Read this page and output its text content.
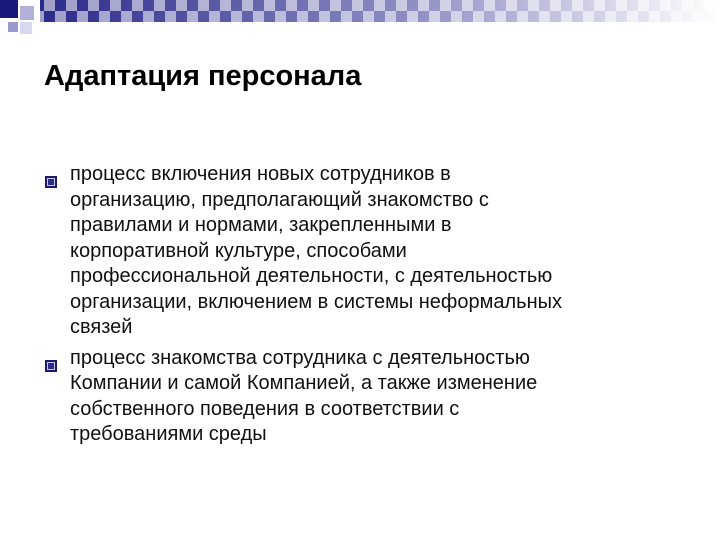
Адаптация персонала
процесс включения новых сотрудников в
организацию, предполагающий знакомство с
правилами и нормами, закрепленными в
корпоративной культуре, способами
профессиональной деятельности, с деятельностью
организации, включением в системы неформальных
связей
процесс знакомства сотрудника с деятельностью
Компании и самой Компанией, а также изменение
собственного поведения в соответствии с
требованиями среды
